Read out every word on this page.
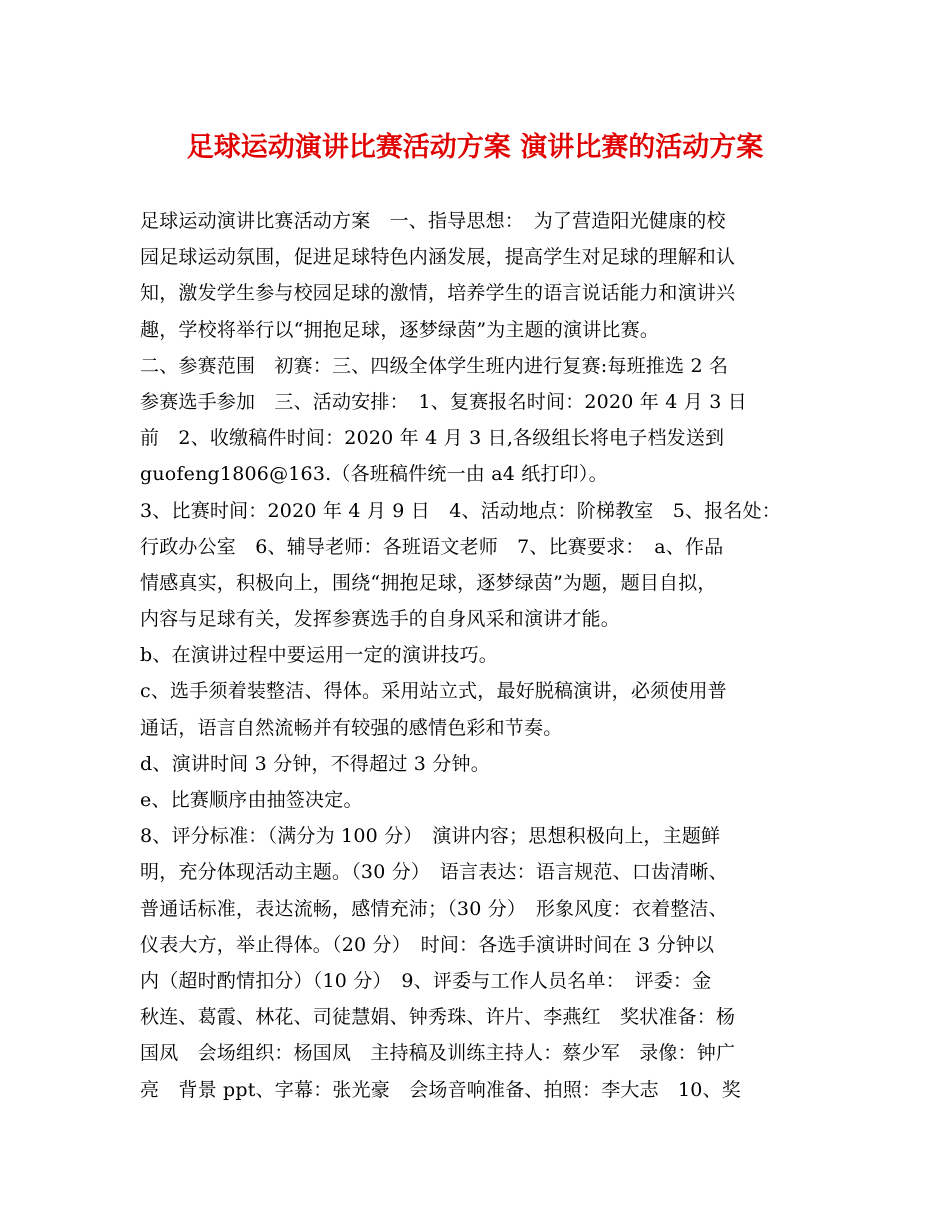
足球运动演讲比赛活动方案 演讲比赛的活动方案
足球运动演讲比赛活动方案　一、指导思想：　为了营造阳光健康的校
园足球运动氛围，促进足球特色内涵发展，提高学生对足球的理解和认
知，激发学生参与校园足球的激情，培养学生的语言说话能力和演讲兴
趣，学校将举行以“拥抱足球，逐梦绿茵”为主题的演讲比赛。
二、参赛范围　初赛：三、四级全体学生班内进行复赛:每班推选 2 名
参赛选手参加　三、活动安排：　1、复赛报名时间：2020 年 4 月 3 日
前　2、收缴稿件时间：2020 年 4 月 3 日,各级组长将电子档发送到
guofeng1806@163.（各班稿件统一由 a4 纸打印）。
3、比赛时间：2020 年 4 月 9 日　4、活动地点：阶梯教室　5、报名处：
行政办公室　6、辅导老师：各班语文老师　7、比赛要求：　a、作品
情感真实，积极向上，围绕“拥抱足球，逐梦绿茵”为题，题目自拟，
内容与足球有关，发挥参赛选手的自身风采和演讲才能。
b、在演讲过程中要运用一定的演讲技巧。
c、选手须着装整洁、得体。采用站立式，最好脱稿演讲，必须使用普
通话，语言自然流畅并有较强的感情色彩和节奏。
d、演讲时间 3 分钟，不得超过 3 分钟。
e、比赛顺序由抽签决定。
8、评分标准：（满分为 100 分）　演讲内容；思想积极向上，主题鲜
明，充分体现活动主题。（30 分）　语言表达：语言规范、口齿清晰、
普通话标准，表达流畅，感情充沛；（30 分）　形象风度：衣着整洁、
仪表大方，举止得体。（20 分）　时间：各选手演讲时间在 3 分钟以
内（超时酌情扣分）（10 分）　9、评委与工作人员名单：　评委：金
秋连、葛霞、林花、司徒慧娟、钟秀珠、许片、李燕红　奖状准备：杨
国凤　会场组织：杨国凤　主持稿及训练主持人：蔡少军　录像：钟广
亮　背景 ppt、字幕：张光豪　会场音响准备、拍照：李大志　10、奖
